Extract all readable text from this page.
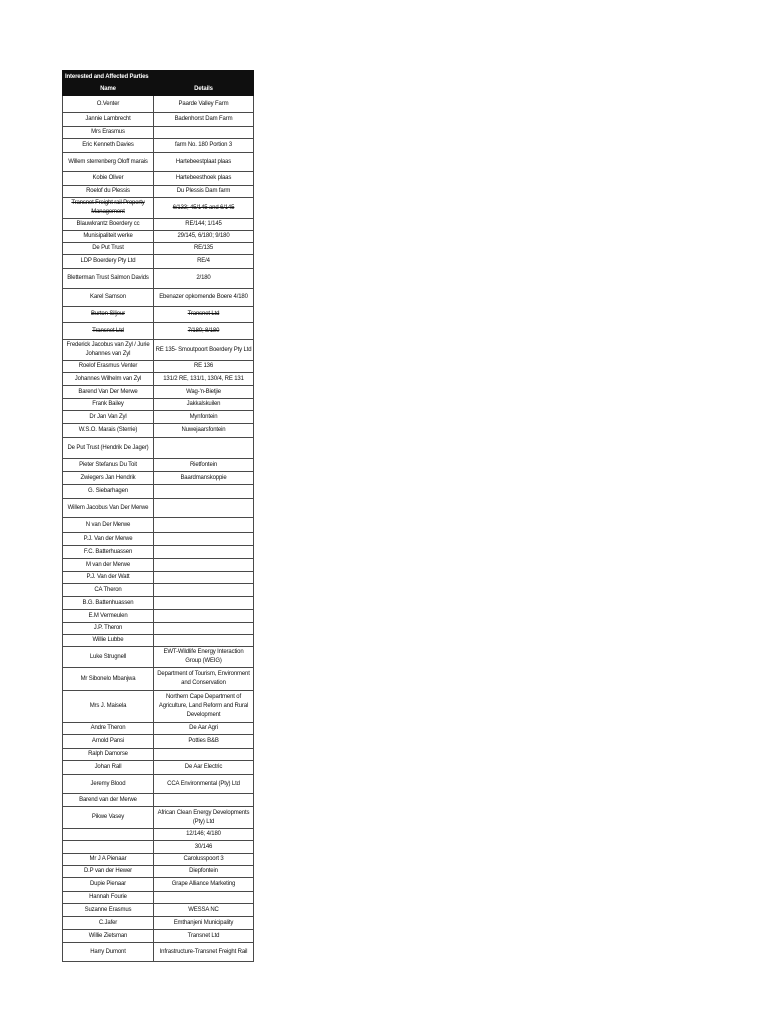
Interested and Affected Parties	
Name	Details
O.Venter	Paarde Valley Farm
Jannie Lambrecht	Badenhorst Dam Farm
Mrs Erasmus	
Eric Kenneth Davies	farm No. 180 Portion 3
Willem sterrenberg Oloff marais	Hartebeestplaat plaas
Kobie Oliver	Hartebeesthoek plaas
Roelof du Plessis	Du Plessis Dam farm
Transnet Freight rail Property Management	6/133; 45/145 and 6/145
Blauwkrantz Boerdery cc	RE/144; 1/145
Munisipaliteit werke	29/145, 6/180; 9/180
De Put Trust	RE/135
LDP Boerdery Pty Ltd	RE/4
Bletterman Trust Salmon Davids	2/180
Karel Samson	Ebenazer opkomende Boere 4/180
Burton Siljeur	Transnet Ltd
Transnet Ltd	7/180; 8/180
Frederick Jacobus van Zyl / Jurie Johannes van Zyl	RE 135- Smoutpoort Boerdery Pty Ltd
Roelof Erasmus Venter	RE 136
Johannes Wilhelm van Zyl	131/2 RE, 131/1, 130/4, RE 131
Barend Van Der Merwe	Wag-'n-Bietjie
Frank Bailey	Jakkalskuilen
Dr Jan Van Zyl	Mynfontein
W.S.O. Marais (Sterrie)	Nuwejaarsfontein
De Put Trust (Hendrik De Jager)	
Pieter Stefanus Du Toit	Rietfontein
Zwiegers Jan Hendrik	Baardmanskoppie
G. Siebarhagen	
Willem Jacobus Van Der Merwe	
N van Der Merwe	
P.J. Van der Merwe	
F.C. Batterhuassen	
M van der Merwe	
P.J. Van der Watt	
CA Theron	
B.G. Battenhuassen	
E.M Vermeulen	
J.P. Theron	
Willie Lubbe	
Luke Strugnell	EWT-Wildlife Energy Interaction Group (WEIG)
Mr Sibonelo Mbanjwa	Department of Tourism, Environment and Conservation
Mrs J. Maisela	Northern Cape Department of Agriculture, Land Reform and Rural Development
Andre Theron	De Aar Agri
Arnold Pansi	Potties B&B
Ralph Damorse	
Johan Rall	De Aar Electric
Jeremy Blood	CCA Environmental (Pty) Ltd
Barend van der Merwe	
Pikwe Vasey	African Clean Energy Developments (Pty) Ltd
	12/146; 4/180
	30/146
Mr J A Pienaar	Carolusspoort 3
D.P van der Hewer	Diepfontein
Dupie Pienaar	Grape Alliance Marketing
Hannah Fourie	
Suzanne Erasmus	WESSA NC
C.Jafer	Emthanjeni Municipality
Willie Zietsman	Transnet Ltd
Harry Dumont	Infrastructure-Transnet Freight Rail
